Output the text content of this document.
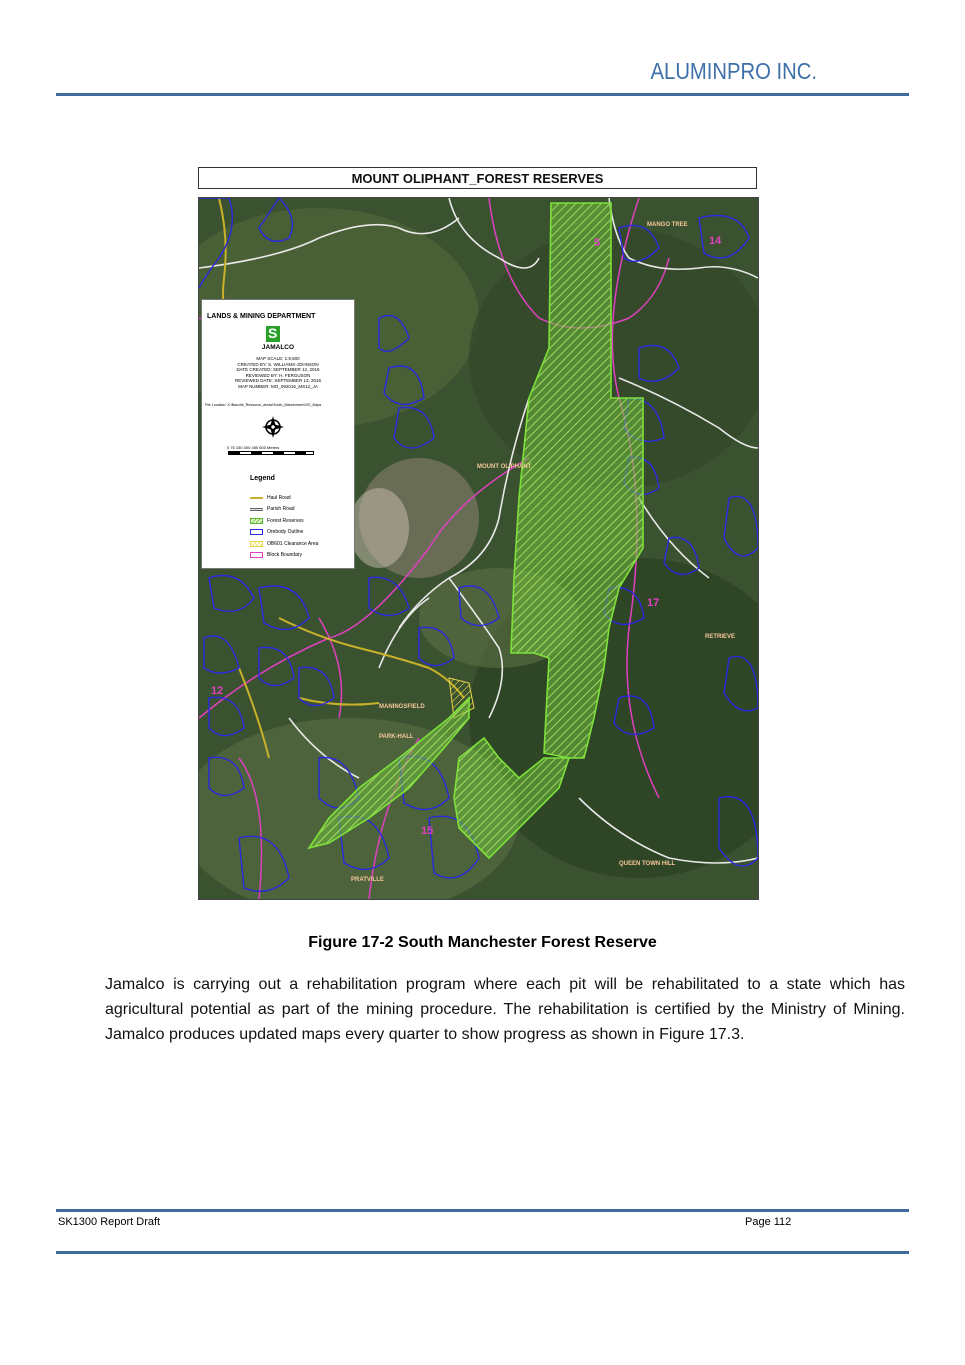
ALUMINPRO INC.
MOUNT OLIPHANT_FOREST RESERVES
MANGO TREE
MOUNT OLIPHANT
RETRIEVE
MANINGSFIELD
PARK-HALL
QUEEN TOWN HILL
PRATVILLE
5	14
15
12
17
LANDS & MINING DEPARTMENT
S
JAMALCO
MAP SCALE: 1:9,500
CREATED BY: S. WILLIAMS-JOHNSON
DATE CREATED: SEPTEMBER 12, 2016
REVIEWED BY: H. FERGUSON
REVIEWED DATE: SEPTEMBER 13, 2016
MAP NUMBER: MO_092016_MS12_JA
File Location: X:\Bauxite_Resource_areas\South_Manchester\GIS_Maps
0 75 150 300 450 600 Meters
Legend
Haul Road
Parish Road
Forest Reserves
Orebody Outline
OB601 Clearance Area
Block Boundary
Figure 17-2 South Manchester Forest Reserve

Jamalco is carrying out a rehabilitation program where each pit will be rehabilitated to a state which has agricultural potential as part of the mining procedure. The rehabilitation is certified by the Ministry of Mining. Jamalco produces updated maps every quarter to show progress as shown in Figure 17.3.

SK1300 Report Draft	Page 112
